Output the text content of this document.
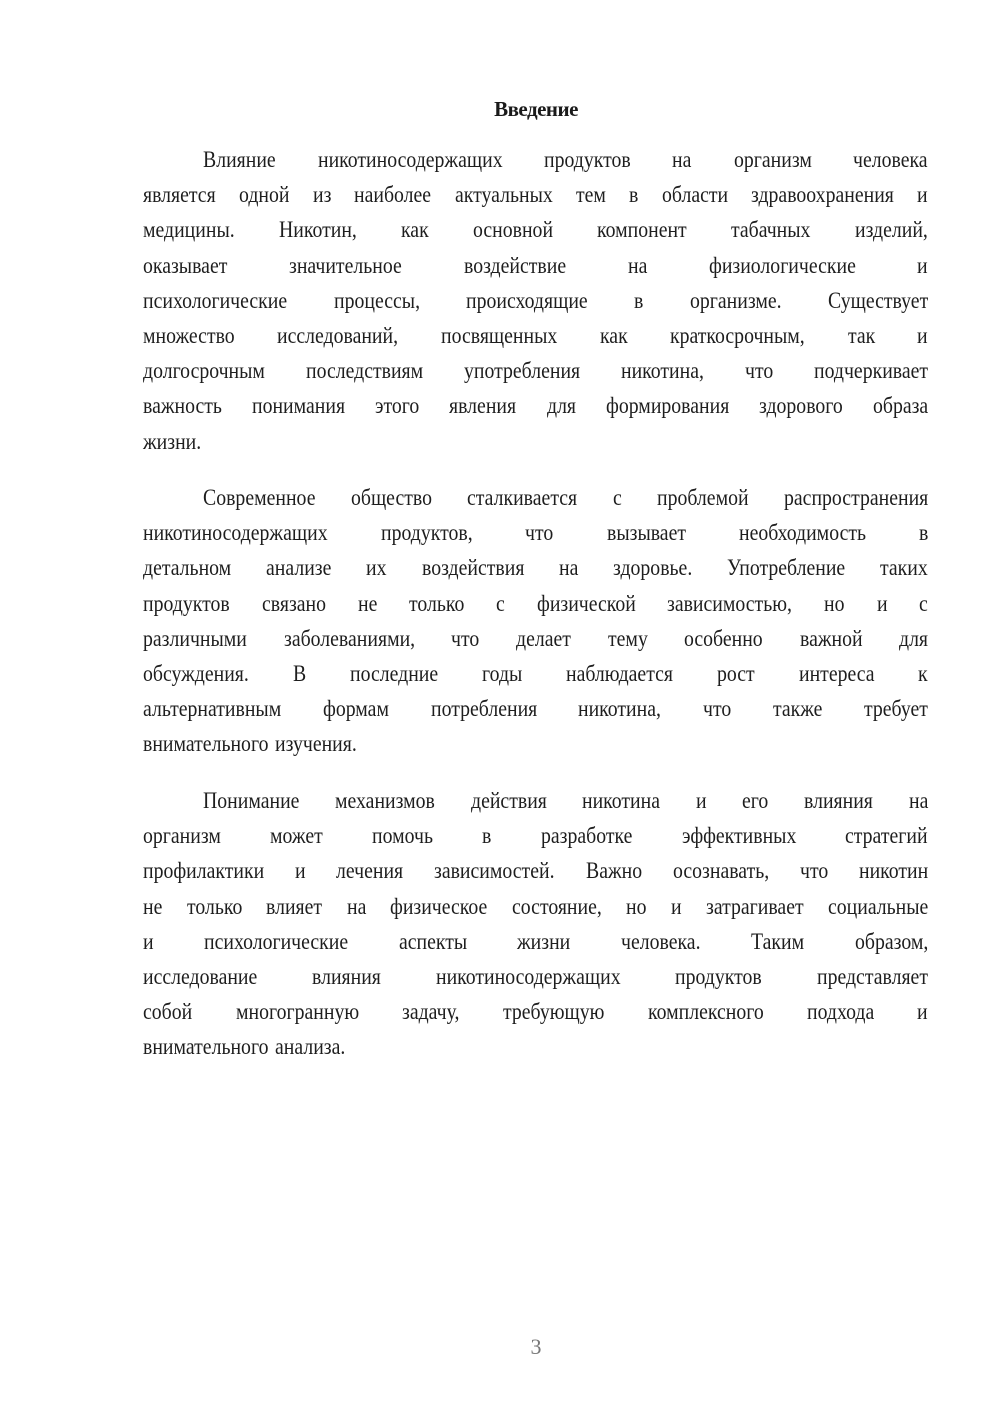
Введение
Влияние никотиносодержащих продуктов на организм человека
является одной из наиболее актуальных тем в области здравоохранения и
медицины. Никотин, как основной компонент табачных изделий,
оказывает	значительное	воздействие	на	физиологические	и
психологические процессы, происходящие в организме. Существует
множество исследований, посвященных как краткосрочным, так и
долгосрочным последствиям употребления никотина, что подчеркивает
важность понимания этого явления для формирования здорового образа
жизни.
Современное общество сталкивается с проблемой распространения
никотиносодержащих продуктов, что вызывает необходимость в
детальном анализе их воздействия на здоровье. Употребление таких
продуктов связано не только с физической зависимостью, но и с
различными заболеваниями, что делает тему особенно важной для
обсуждения. В последние годы наблюдается рост интереса к
альтернативным формам потребления никотина, что также требует
внимательного изучения.
Понимание механизмов действия никотина и его влияния на
организм может помочь в разработке эффективных стратегий
профилактики и лечения зависимостей. Важно осознавать, что никотин
не только влияет на физическое состояние, но и затрагивает социальные
и психологические аспекты жизни человека. Таким образом,
исследование влияния никотиносодержащих продуктов представляет
собой многогранную задачу, требующую комплексного подхода и
внимательного анализа.
3
